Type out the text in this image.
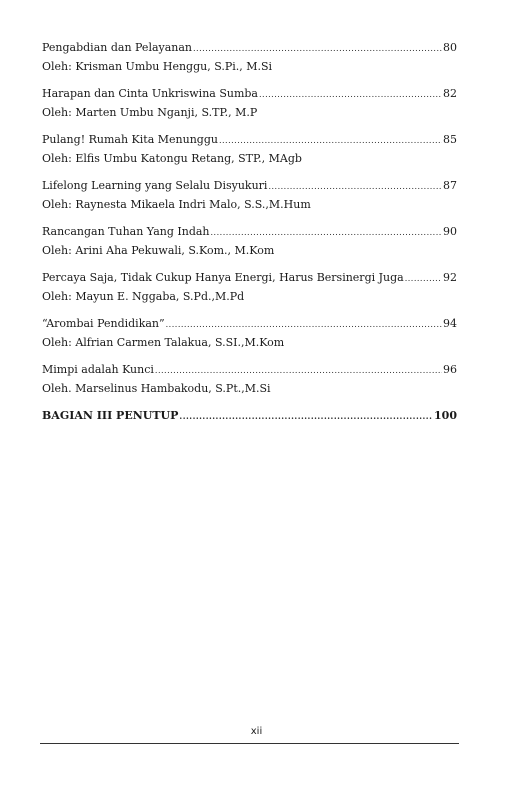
Pengabdian dan Pelayanan .....	80
Oleh: Krisman Umbu Henggu, S.Pi., M.Si
Harapan dan Cinta Unkriswina Sumba .....	82
Oleh: Marten Umbu Nganji, S.TP., M.P
Pulang! Rumah Kita Menunggu .....	85
Oleh: Elfis Umbu Katongu Retang, STP., MAgb
Lifelong Learning yang Selalu Disyukuri .....	87
Oleh: Raynesta Mikaela Indri Malo, S.S.,M.Hum
Rancangan Tuhan Yang Indah .....	90
Oleh: Arini Aha Pekuwali, S.Kom., M.Kom
Percaya Saja, Tidak Cukup Hanya Energi, Harus Bersinergi Juga .....	92
Oleh: Mayun E. Nggaba, S.Pd.,M.Pd
“Arombai Pendidikan” .....	94
Oleh: Alfrian Carmen Talakua, S.SI.,M.Kom
Mimpi adalah Kunci .....	96
Oleh. Marselinus Hambakodu, S.Pt.,M.Si
BAGIAN III PENUTUP .....	100
xii
